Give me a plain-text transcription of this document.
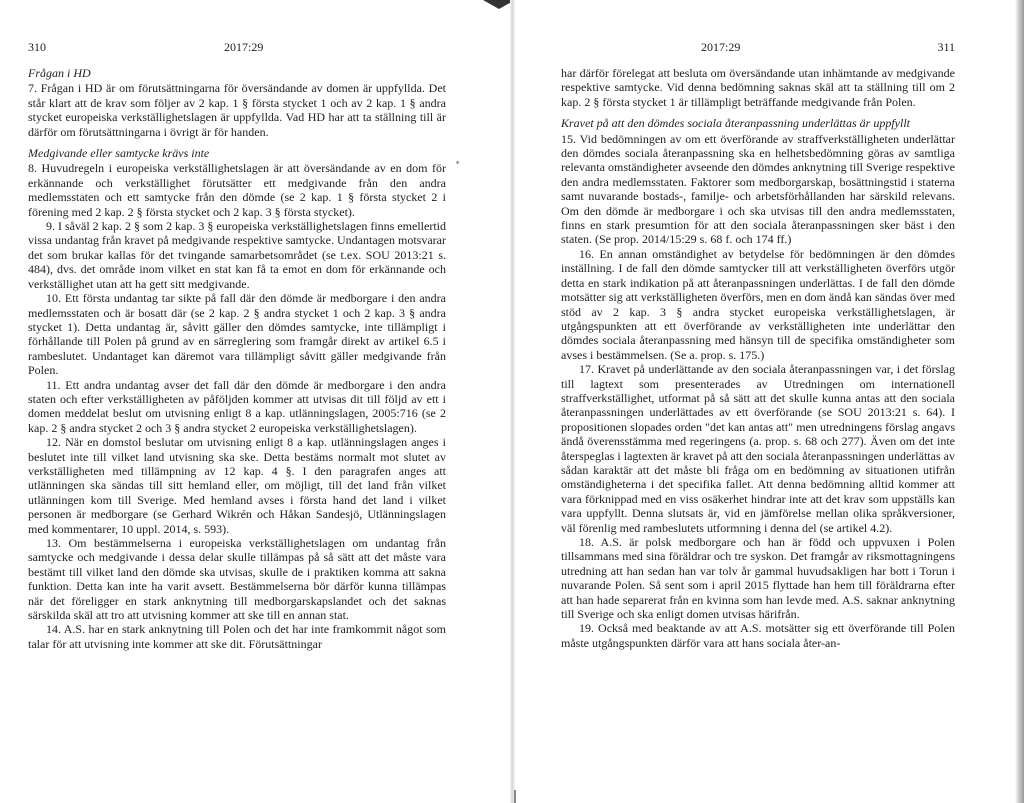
∗
310	2017:29
Frågan i HD

7. Frågan i HD är om förutsättningarna för översändande av domen är uppfyllda. Det står klart att de krav som följer av 2 kap. 1 § första stycket 1 och av 2 kap. 1 § andra stycket europeiska verkställighetslagen är uppfyllda. Vad HD har att ta ställning till är därför om förutsättningarna i övrigt är för handen.

Medgivande eller samtycke krävs inte

8. Huvudregeln i europeiska verkställighetslagen är att översändande av en dom för erkännande och verkställighet förutsätter ett medgivande från den andra medlemsstaten och ett samtycke från den dömde (se 2 kap. 1 § första stycket 2 i förening med 2 kap. 2 § första stycket och 2 kap. 3 § första stycket).

9. I såväl 2 kap. 2 § som 2 kap. 3 § europeiska verkställighetslagen finns emellertid vissa undantag från kravet på medgivande respektive samtycke. Undantagen motsvarar det som brukar kallas för det tvingande samarbetsområdet (se t.ex. SOU 2013:21 s. 484), dvs. det område inom vilket en stat kan få ta emot en dom för erkännande och verkställighet utan att ha gett sitt medgivande.

10. Ett första undantag tar sikte på fall där den dömde är medborgare i den andra medlemsstaten och är bosatt där (se 2 kap. 2 § andra stycket 1 och 2 kap. 3 § andra stycket 1). Detta undantag är, såvitt gäller den dömdes samtycke, inte tillämpligt i förhållande till Polen på grund av en särreglering som framgår direkt av artikel 6.5 i rambeslutet. Undantaget kan däremot vara tillämpligt såvitt gäller medgivande från Polen.

11. Ett andra undantag avser det fall där den dömde är medborgare i den andra staten och efter verkställigheten av påföljden kommer att utvisas dit till följd av ett i domen meddelat beslut om utvisning enligt 8 a kap. utlänningslagen, 2005:716 (se 2 kap. 2 § andra stycket 2 och 3 § andra stycket 2 europeiska verkställighetslagen).

12. När en domstol beslutar om utvisning enligt 8 a kap. utlänningslagen anges i beslutet inte till vilket land utvisning ska ske. Detta bestäms normalt mot slutet av verkställigheten med tillämpning av 12 kap. 4 §. I den paragrafen anges att utlänningen ska sändas till sitt hemland eller, om möjligt, till det land från vilket utlänningen kom till Sverige. Med hemland avses i första hand det land i vilket personen är medborgare (se Gerhard Wikrén och Håkan Sandesjö, Utlänningslagen med kommentarer, 10 uppl. 2014, s. 593).

13. Om bestämmelserna i europeiska verkställighetslagen om undantag från samtycke och medgivande i dessa delar skulle tillämpas på så sätt att det måste vara bestämt till vilket land den dömde ska utvisas, skulle de i praktiken komma att sakna funktion. Detta kan inte ha varit avsett. Bestämmelserna bör därför kunna tillämpas när det föreligger en stark anknytning till medborgarskapslandet och det saknas särskilda skäl att tro att utvisning kommer att ske till en annan stat.

14. A.S. har en stark anknytning till Polen och det har inte framkommit något som talar för att utvisning inte kommer att ske dit. Förutsättningar

2017:29	311

har därför förelegat att besluta om översändande utan inhämtande av medgivande respektive samtycke. Vid denna bedömning saknas skäl att ta ställning till om 2 kap. 2 § första stycket 1 är tillämpligt beträffande medgivande från Polen.

Kravet på att den dömdes sociala återanpassning underlättas är uppfyllt

15. Vid bedömningen av om ett överförande av straffverkställigheten underlättar den dömdes sociala återanpassning ska en helhetsbedömning göras av samtliga relevanta omständigheter avseende den dömdes anknytning till Sverige respektive den andra medlemsstaten. Faktorer som medborgarskap, bosättningstid i staterna samt nuvarande bostads-, familje- och arbetsförhållanden har särskild relevans. Om den dömde är medborgare i och ska utvisas till den andra medlemsstaten, finns en stark presumtion för att den sociala återanpassningen sker bäst i den staten. (Se prop. 2014/15:29 s. 68 f. och 174 ff.)

16. En annan omständighet av betydelse för bedömningen är den dömdes inställning. I de fall den dömde samtycker till att verkställigheten överförs utgör detta en stark indikation på att återanpassningen underlättas. I de fall den dömde motsätter sig att verkställigheten överförs, men en dom ändå kan sändas över med stöd av 2 kap. 3 § andra stycket europeiska verkställighetslagen, är utgångspunkten att ett överförande av verkställigheten inte underlättar den dömdes sociala återanpassning med hänsyn till de specifika omständigheter som avses i bestämmelsen. (Se a. prop. s. 175.)

17. Kravet på underlättande av den sociala återanpassningen var, i det förslag till lagtext som presenterades av Utredningen om internationell straffverkställighet, utformat på så sätt att det skulle kunna antas att den sociala återanpassningen underlättades av ett överförande (se SOU 2013:21 s. 64). I propositionen slopades orden "det kan antas att" men utredningens förslag angavs ändå överensstämma med regeringens (a. prop. s. 68 och 277). Även om det inte återspeglas i lagtexten är kravet på att den sociala återanpassningen underlättas av sådan karaktär att det måste bli fråga om en bedömning av situationen utifrån omständigheterna i det specifika fallet. Att denna bedömning alltid kommer att vara förknippad med en viss osäkerhet hindrar inte att det krav som uppställs kan vara uppfyllt. Denna slutsats är, vid en jämförelse mellan olika språkversioner, väl förenlig med rambeslutets utformning i denna del (se artikel 4.2).

18. A.S. är polsk medborgare och han är född och uppvuxen i Polen tillsammans med sina föräldrar och tre syskon. Det framgår av riksmottagningens utredning att han sedan han var tolv år gammal huvudsakligen har bott i Torun i nuvarande Polen. Så sent som i april 2015 flyttade han hem till föräldrarna efter att han hade separerat från en kvinna som han levde med. A.S. saknar anknytning till Sverige och ska enligt domen utvisas härifrån.

19. Också med beaktande av att A.S. motsätter sig ett överförande till Polen måste utgångspunkten därför vara att hans sociala åter-an-
